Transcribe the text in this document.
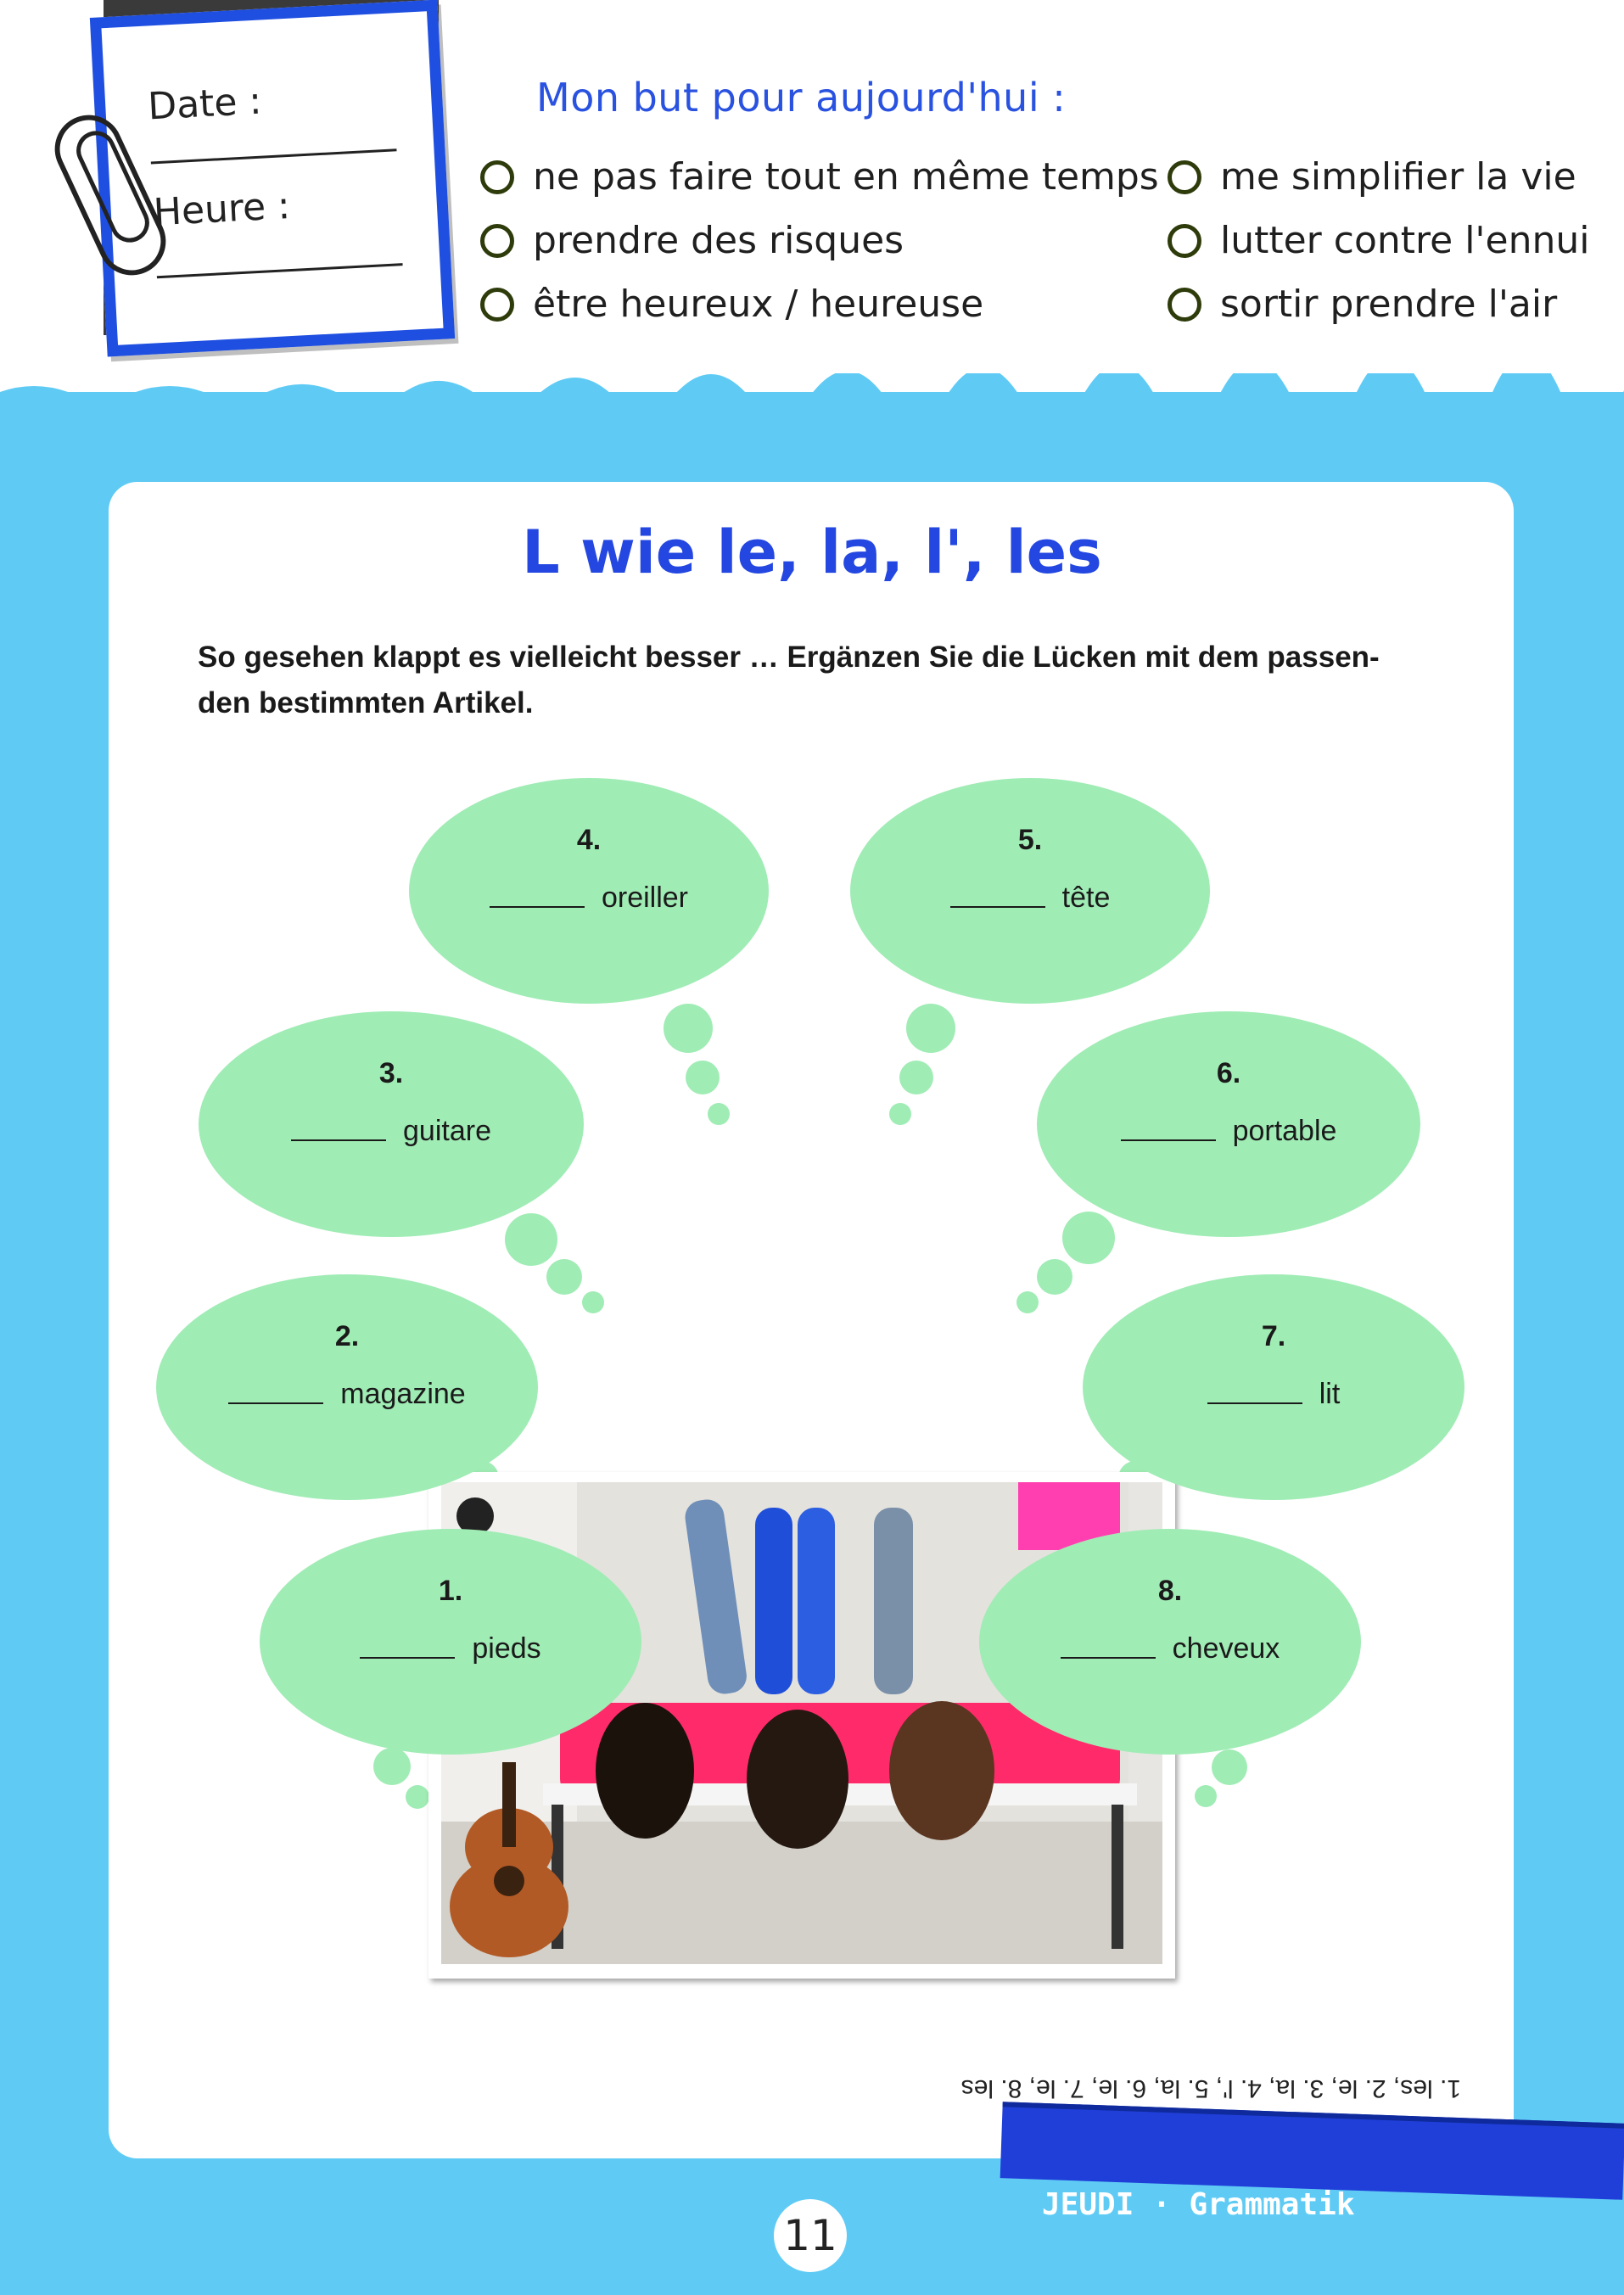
Date :
Heure :
Mon but pour aujourd'hui :
ne pas faire tout en même temps
prendre des risques
être heureux / heureuse
me simplifier la vie
lutter contre l'ennui
sortir prendre l'air
L wie le, la, l', les
So gesehen klappt es vielleicht besser … Ergänzen Sie die Lücken mit dem passen-den bestimmten Artikel.
4.
oreiller
5.
tête
3.
guitare
6.
portable
2.
magazine
7.
lit
1.
pieds
8.
cheveux
1. les, 2. le, 3. la, 4. l', 5. la, 6. le, 7. le, 8. les
JEUDI · Grammatik
11
